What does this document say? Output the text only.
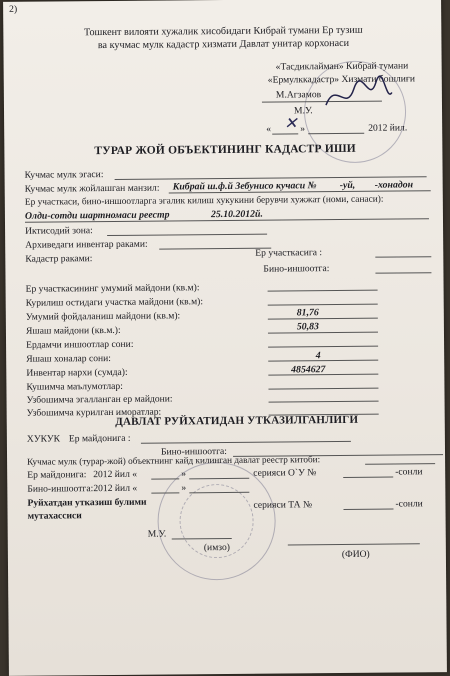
2)
Тошкент вилояти хужалик хисобидаги Кибрай тумани Ер тузиш
ва кучмас мулк кадастр хизмати Давлат унитар корхонаси
«Тасдиклайман» Кибрай тумани
«Ермулккадастр» Хизмати бошлиғи
М.Агзамов
М.У.
« ✕ »	2012 йил.
ТУРАР ЖОЙ ОБЪЕКТИНИНГ КАДАСТР ИШИ
Кучмас мулк эгаси:
Кучмас мулк жойлашган манзил: Кибрай ш.ф.й Зебунисо кучаси № -уй, -хонадон
Ер участкаси, бино-иншоотларга эгалик килиш хукукини берувчи хужжат (номи, санаси):
Олди-сотди шартномаси реестр	25.10.2012й.
Иктисодий зона:
Архиведаги инвентар раками:
Кадастр раками:
Ер участкасига :
Бино-иншоотга:
Ер участкасининг умумий майдони (кв.м):
Курилиш остидаги участка майдони (кв.м):
Умумий фойдаланиш майдони (кв.м):	81,76
Яшаш майдони (кв.м.):	50,83
Ердамчи иншоотлар сони:
Яшаш хоналар сони:	4
Инвентар нархи (сумда):	4854627
Кушимча маълумотлар:
Узбошимча эгалланган ер майдони:
Узбошимча курилган иморатлар:
ДАВЛАТ РУЙХАТИДАН УТКАЗИЛГАНЛИГИ
ХУКУК Ер майдонига :
Бино-иншоотга:
Кучмас мулк (турар-жой) объектнинг кайд килинган давлат реестр китоби:
Ер майдонига: 2012 йил «	»	серияси О`У №	-сонли
Бино-иншоотга: 2012 йил «	»
Руйхатдан утказиш булими
мутахассиси
серияси ТА №	-сонли
М.У.
(имзо)
(ФИО)
